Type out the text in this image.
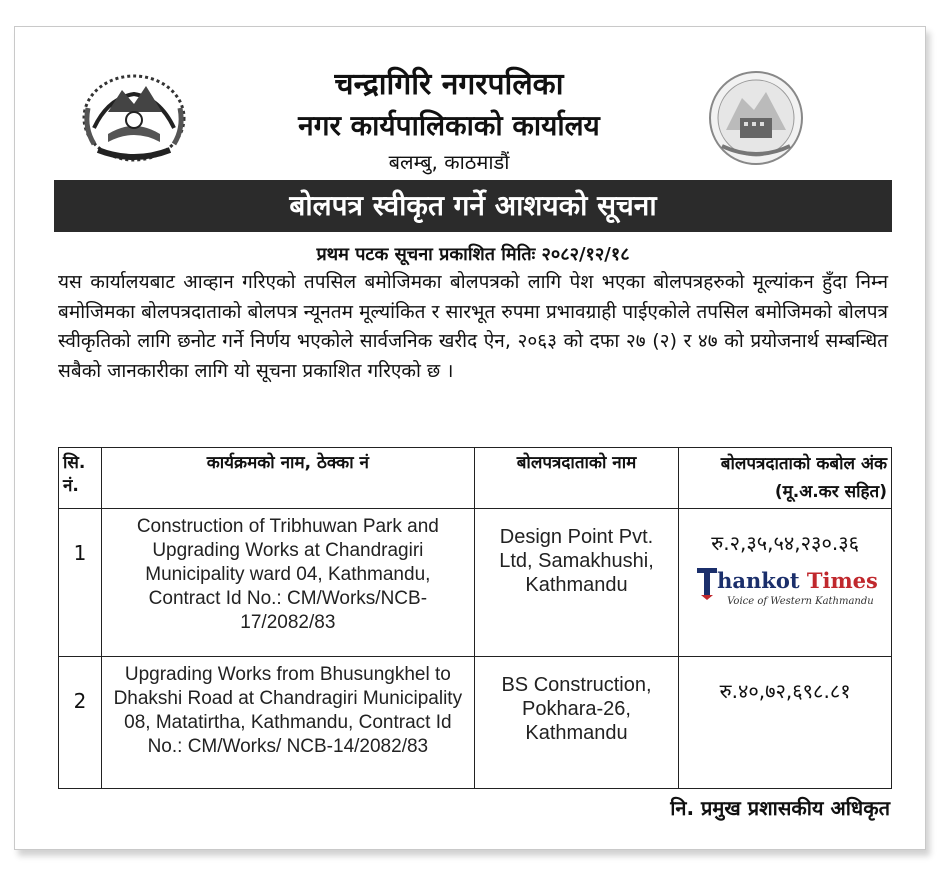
चन्द्रागिरि नगरपलिका
नगर कार्यपालिकाको कार्यालय
बलम्बु, काठमाडौं
बोलपत्र स्वीकृत गर्ने आशयको सूचना
प्रथम पटक सूचना प्रकाशित मितिः २०८२/१२/१८
यस कार्यालयबाट आव्हान गरिएको तपसिल बमोजिमका बोलपत्रको लागि पेश भएका बोलपत्रहरुको मूल्यांकन हुँदा निम्न बमोजिमका बोलपत्रदाताको बोलपत्र न्यूनतम मूल्यांकित र सारभूत रुपमा प्रभावग्राही पाईएकोले तपसिल बमोजिमको बोलपत्र स्वीकृतिको लागि छनोट गर्ने निर्णय भएकोले सार्वजनिक खरीद ऐन, २०६३ को दफा २७ (२) र ४७ को प्रयोजनार्थ सम्बन्धित सबैको जानकारीका लागि यो सूचना प्रकाशित गरिएको छ ।
सि. नं.	कार्यक्रमको नाम, ठेक्का नं	बोलपत्रदाताको नाम	बोलपत्रदाताको कबोल अंक (मू.अ.कर सहित)
1	Construction of Tribhuwan Park and Upgrading Works at Chandragiri Municipality ward 04, Kathmandu, Contract Id No.: CM/Works/NCB-17/2082/83	Design Point Pvt. Ltd, Samakhushi, Kathmandu	रु.२,३५,५४,२३०.३६
hankot Times
Voice of Western Kathmandu

2	Upgrading Works from Bhusungkhel to Dhakshi Road at Chandragiri Municipality 08, Matatirtha, Kathmandu, Contract Id No.: CM/Works/ NCB-14/2082/83	BS Construction, Pokhara-26, Kathmandu	रु.४०,७२,६९८.८१
नि. प्रमुख प्रशासकीय अधिकृत
